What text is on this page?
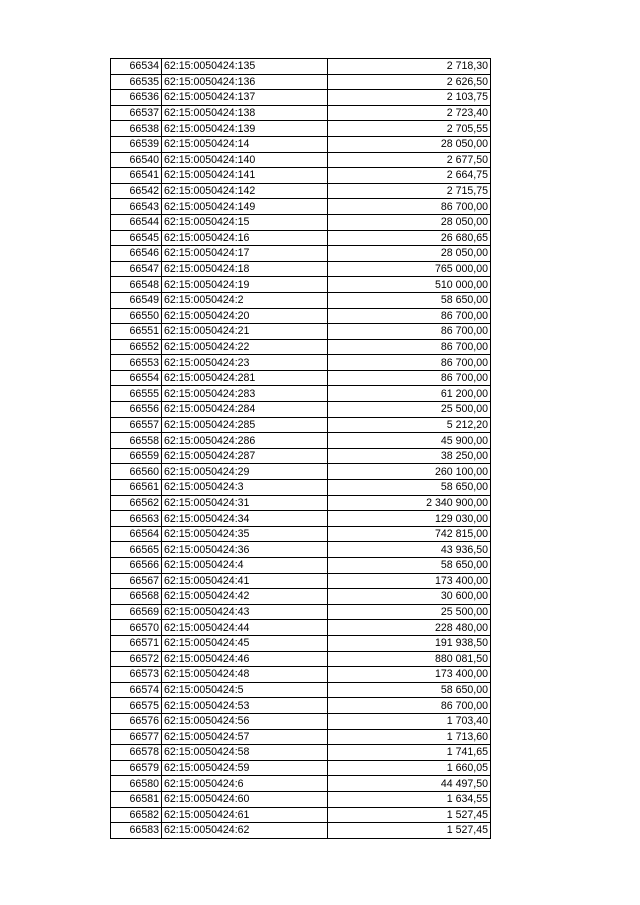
66534	62:15:0050424:135	2 718,30
66535	62:15:0050424:136	2 626,50
66536	62:15:0050424:137	2 103,75
66537	62:15:0050424:138	2 723,40
66538	62:15:0050424:139	2 705,55
66539	62:15:0050424:14	28 050,00
66540	62:15:0050424:140	2 677,50
66541	62:15:0050424:141	2 664,75
66542	62:15:0050424:142	2 715,75
66543	62:15:0050424:149	86 700,00
66544	62:15:0050424:15	28 050,00
66545	62:15:0050424:16	26 680,65
66546	62:15:0050424:17	28 050,00
66547	62:15:0050424:18	765 000,00
66548	62:15:0050424:19	510 000,00
66549	62:15:0050424:2	58 650,00
66550	62:15:0050424:20	86 700,00
66551	62:15:0050424:21	86 700,00
66552	62:15:0050424:22	86 700,00
66553	62:15:0050424:23	86 700,00
66554	62:15:0050424:281	86 700,00
66555	62:15:0050424:283	61 200,00
66556	62:15:0050424:284	25 500,00
66557	62:15:0050424:285	5 212,20
66558	62:15:0050424:286	45 900,00
66559	62:15:0050424:287	38 250,00
66560	62:15:0050424:29	260 100,00
66561	62:15:0050424:3	58 650,00
66562	62:15:0050424:31	2 340 900,00
66563	62:15:0050424:34	129 030,00
66564	62:15:0050424:35	742 815,00
66565	62:15:0050424:36	43 936,50
66566	62:15:0050424:4	58 650,00
66567	62:15:0050424:41	173 400,00
66568	62:15:0050424:42	30 600,00
66569	62:15:0050424:43	25 500,00
66570	62:15:0050424:44	228 480,00
66571	62:15:0050424:45	191 938,50
66572	62:15:0050424:46	880 081,50
66573	62:15:0050424:48	173 400,00
66574	62:15:0050424:5	58 650,00
66575	62:15:0050424:53	86 700,00
66576	62:15:0050424:56	1 703,40
66577	62:15:0050424:57	1 713,60
66578	62:15:0050424:58	1 741,65
66579	62:15:0050424:59	1 660,05
66580	62:15:0050424:6	44 497,50
66581	62:15:0050424:60	1 634,55
66582	62:15:0050424:61	1 527,45
66583	62:15:0050424:62	1 527,45
